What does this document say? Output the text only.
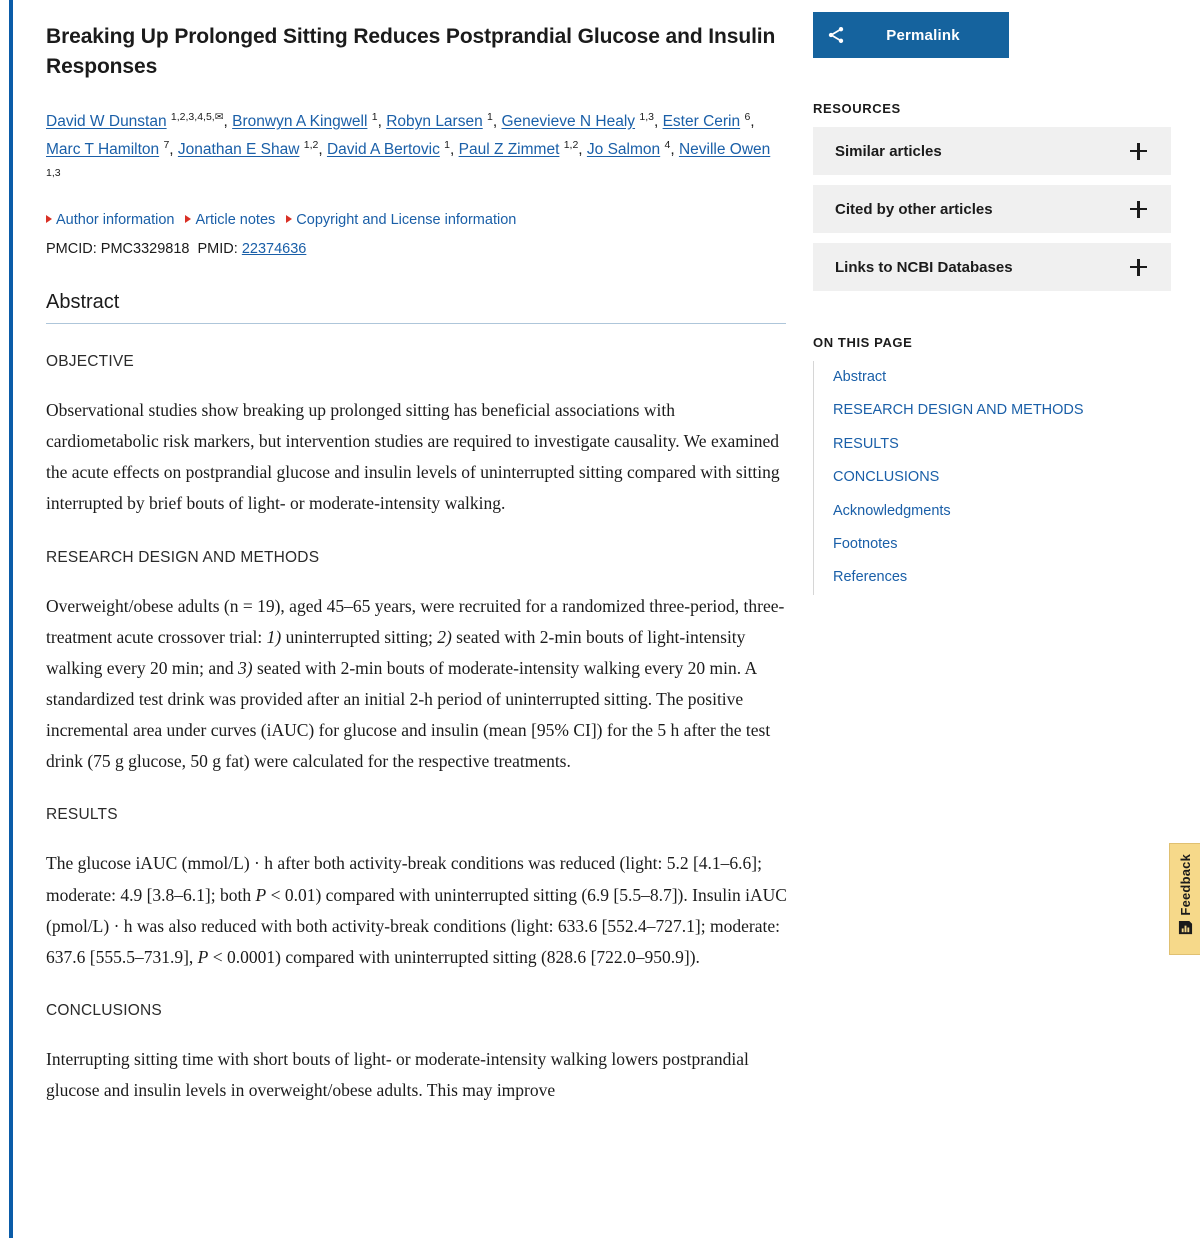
Breaking Up Prolonged Sitting Reduces Postprandial Glucose and Insulin Responses
David W Dunstan $^{1,2,3,4,5,✉}$, Bronwyn A Kingwell $^1$, Robyn Larsen $^1$, Genevieve N Healy $^{1,3}$, Ester Cerin $^6$, Marc T Hamilton $^7$, Jonathan E Shaw $^{1,2}$, David A Bertovic $^1$, Paul Z Zimmet $^{1,2}$, Jo Salmon $^4$, Neville Owen $^{1,3}$
Author information Article notes Copyright and License information
PMCID: PMC3329818 PMID: 22374636
Abstract
OBJECTIVE

Observational studies show breaking up prolonged sitting has beneficial associations with cardiometabolic risk markers, but intervention studies are required to investigate causality. We examined the acute effects on postprandial glucose and insulin levels of uninterrupted sitting compared with sitting interrupted by brief bouts of light- or moderate-intensity walking.

RESEARCH DESIGN AND METHODS

Overweight/obese adults (n = 19), aged 45–65 years, were recruited for a randomized three-period, three-treatment acute crossover trial: 1) uninterrupted sitting; 2) seated with 2-min bouts of light-intensity walking every 20 min; and 3) seated with 2-min bouts of moderate-intensity walking every 20 min. A standardized test drink was provided after an initial 2-h period of uninterrupted sitting. The positive incremental area under curves (iAUC) for glucose and insulin (mean [95% CI]) for the 5 h after the test drink (75 g glucose, 50 g fat) were calculated for the respective treatments.

RESULTS

The glucose iAUC (mmol/L) · h after both activity-break conditions was reduced (light: 5.2 [4.1–6.6]; moderate: 4.9 [3.8–6.1]; both P < 0.01) compared with uninterrupted sitting (6.9 [5.5–8.7]). Insulin iAUC (pmol/L) · h was also reduced with both activity-break conditions (light: 633.6 [552.4–727.1]; moderate: 637.6 [555.5–731.9], P < 0.0001) compared with uninterrupted sitting (828.6 [722.0–950.9]).

CONCLUSIONS

Interrupting sitting time with short bouts of light- or moderate-intensity walking lowers postprandial glucose and insulin levels in overweight/obese adults. This may improve

Permalink
RESOURCES
Similar articles
Cited by other articles
Links to NCBI Databases
ON THIS PAGE
Abstract
RESEARCH DESIGN AND METHODS
RESULTS
CONCLUSIONS
Acknowledgments
Footnotes
References
Feedback
